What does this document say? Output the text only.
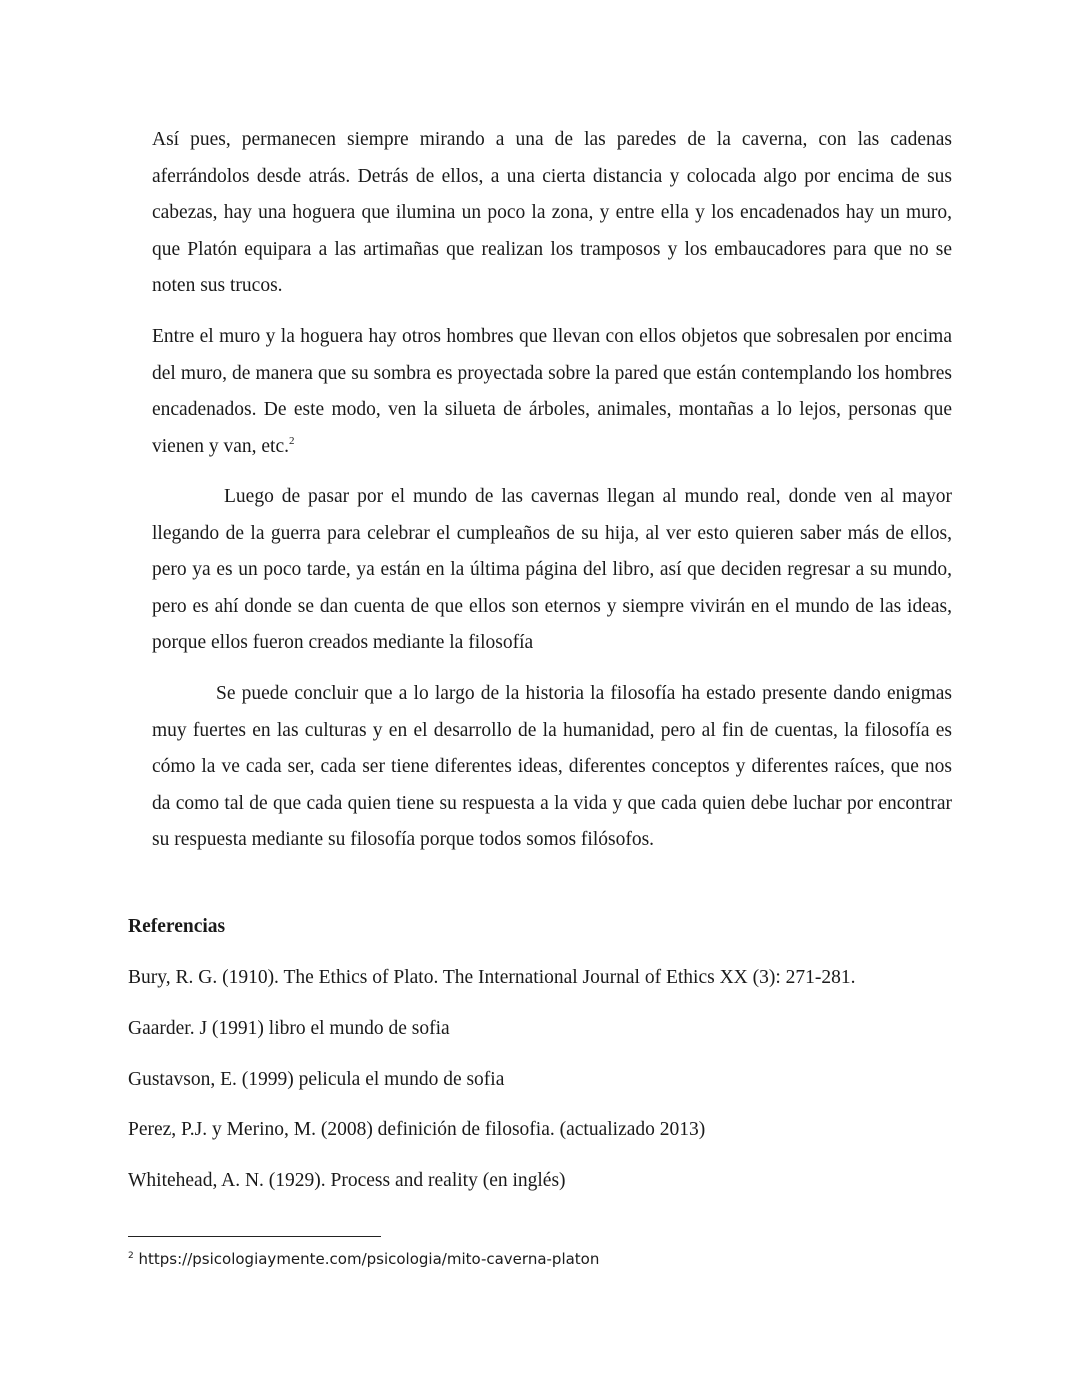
Así pues, permanecen siempre mirando a una de las paredes de la caverna, con las cadenas aferrándolos desde atrás. Detrás de ellos, a una cierta distancia y colocada algo por encima de sus cabezas, hay una hoguera que ilumina un poco la zona, y entre ella y los encadenados hay un muro, que Platón equipara a las artimañas que realizan los tramposos y los embaucadores para que no se noten sus trucos.

Entre el muro y la hoguera hay otros hombres que llevan con ellos objetos que sobresalen por encima del muro, de manera que su sombra es proyectada sobre la pared que están contemplando los hombres encadenados. De este modo, ven la silueta de árboles, animales, montañas a lo lejos, personas que vienen y van, etc.$^2$

Luego de pasar por el mundo de las cavernas llegan al mundo real, donde ven al mayor llegando de la guerra para celebrar el cumpleaños de su hija, al ver esto quieren saber más de ellos, pero ya es un poco tarde, ya están en la última página del libro, así que deciden regresar a su mundo, pero es ahí donde se dan cuenta de que ellos son eternos y siempre vivirán en el mundo de las ideas, porque ellos fueron creados mediante la filosofía

Se puede concluir que a lo largo de la historia la filosofía ha estado presente dando enigmas muy fuertes en las culturas y en el desarrollo de la humanidad, pero al fin de cuentas, la filosofía es cómo la ve cada ser, cada ser tiene diferentes ideas, diferentes conceptos y diferentes raíces, que nos da como tal de que cada quien tiene su respuesta a la vida y que cada quien debe luchar por encontrar su respuesta mediante su filosofía porque todos somos filósofos.

Referencias
Bury, R. G. (1910). The Ethics of Plato. The International Journal of Ethics XX (3): 271-281.
Gaarder. J (1991) libro el mundo de sofia
Gustavson, E. (1999) pelicula el mundo de sofia
Perez, P.J. y Merino, M. (2008) definición de filosofia. (actualizado 2013)
Whitehead, A. N. (1929). Process and reality (en inglés)

$^2$ https://psicologiaymente.com/psicologia/mito-caverna-platon
